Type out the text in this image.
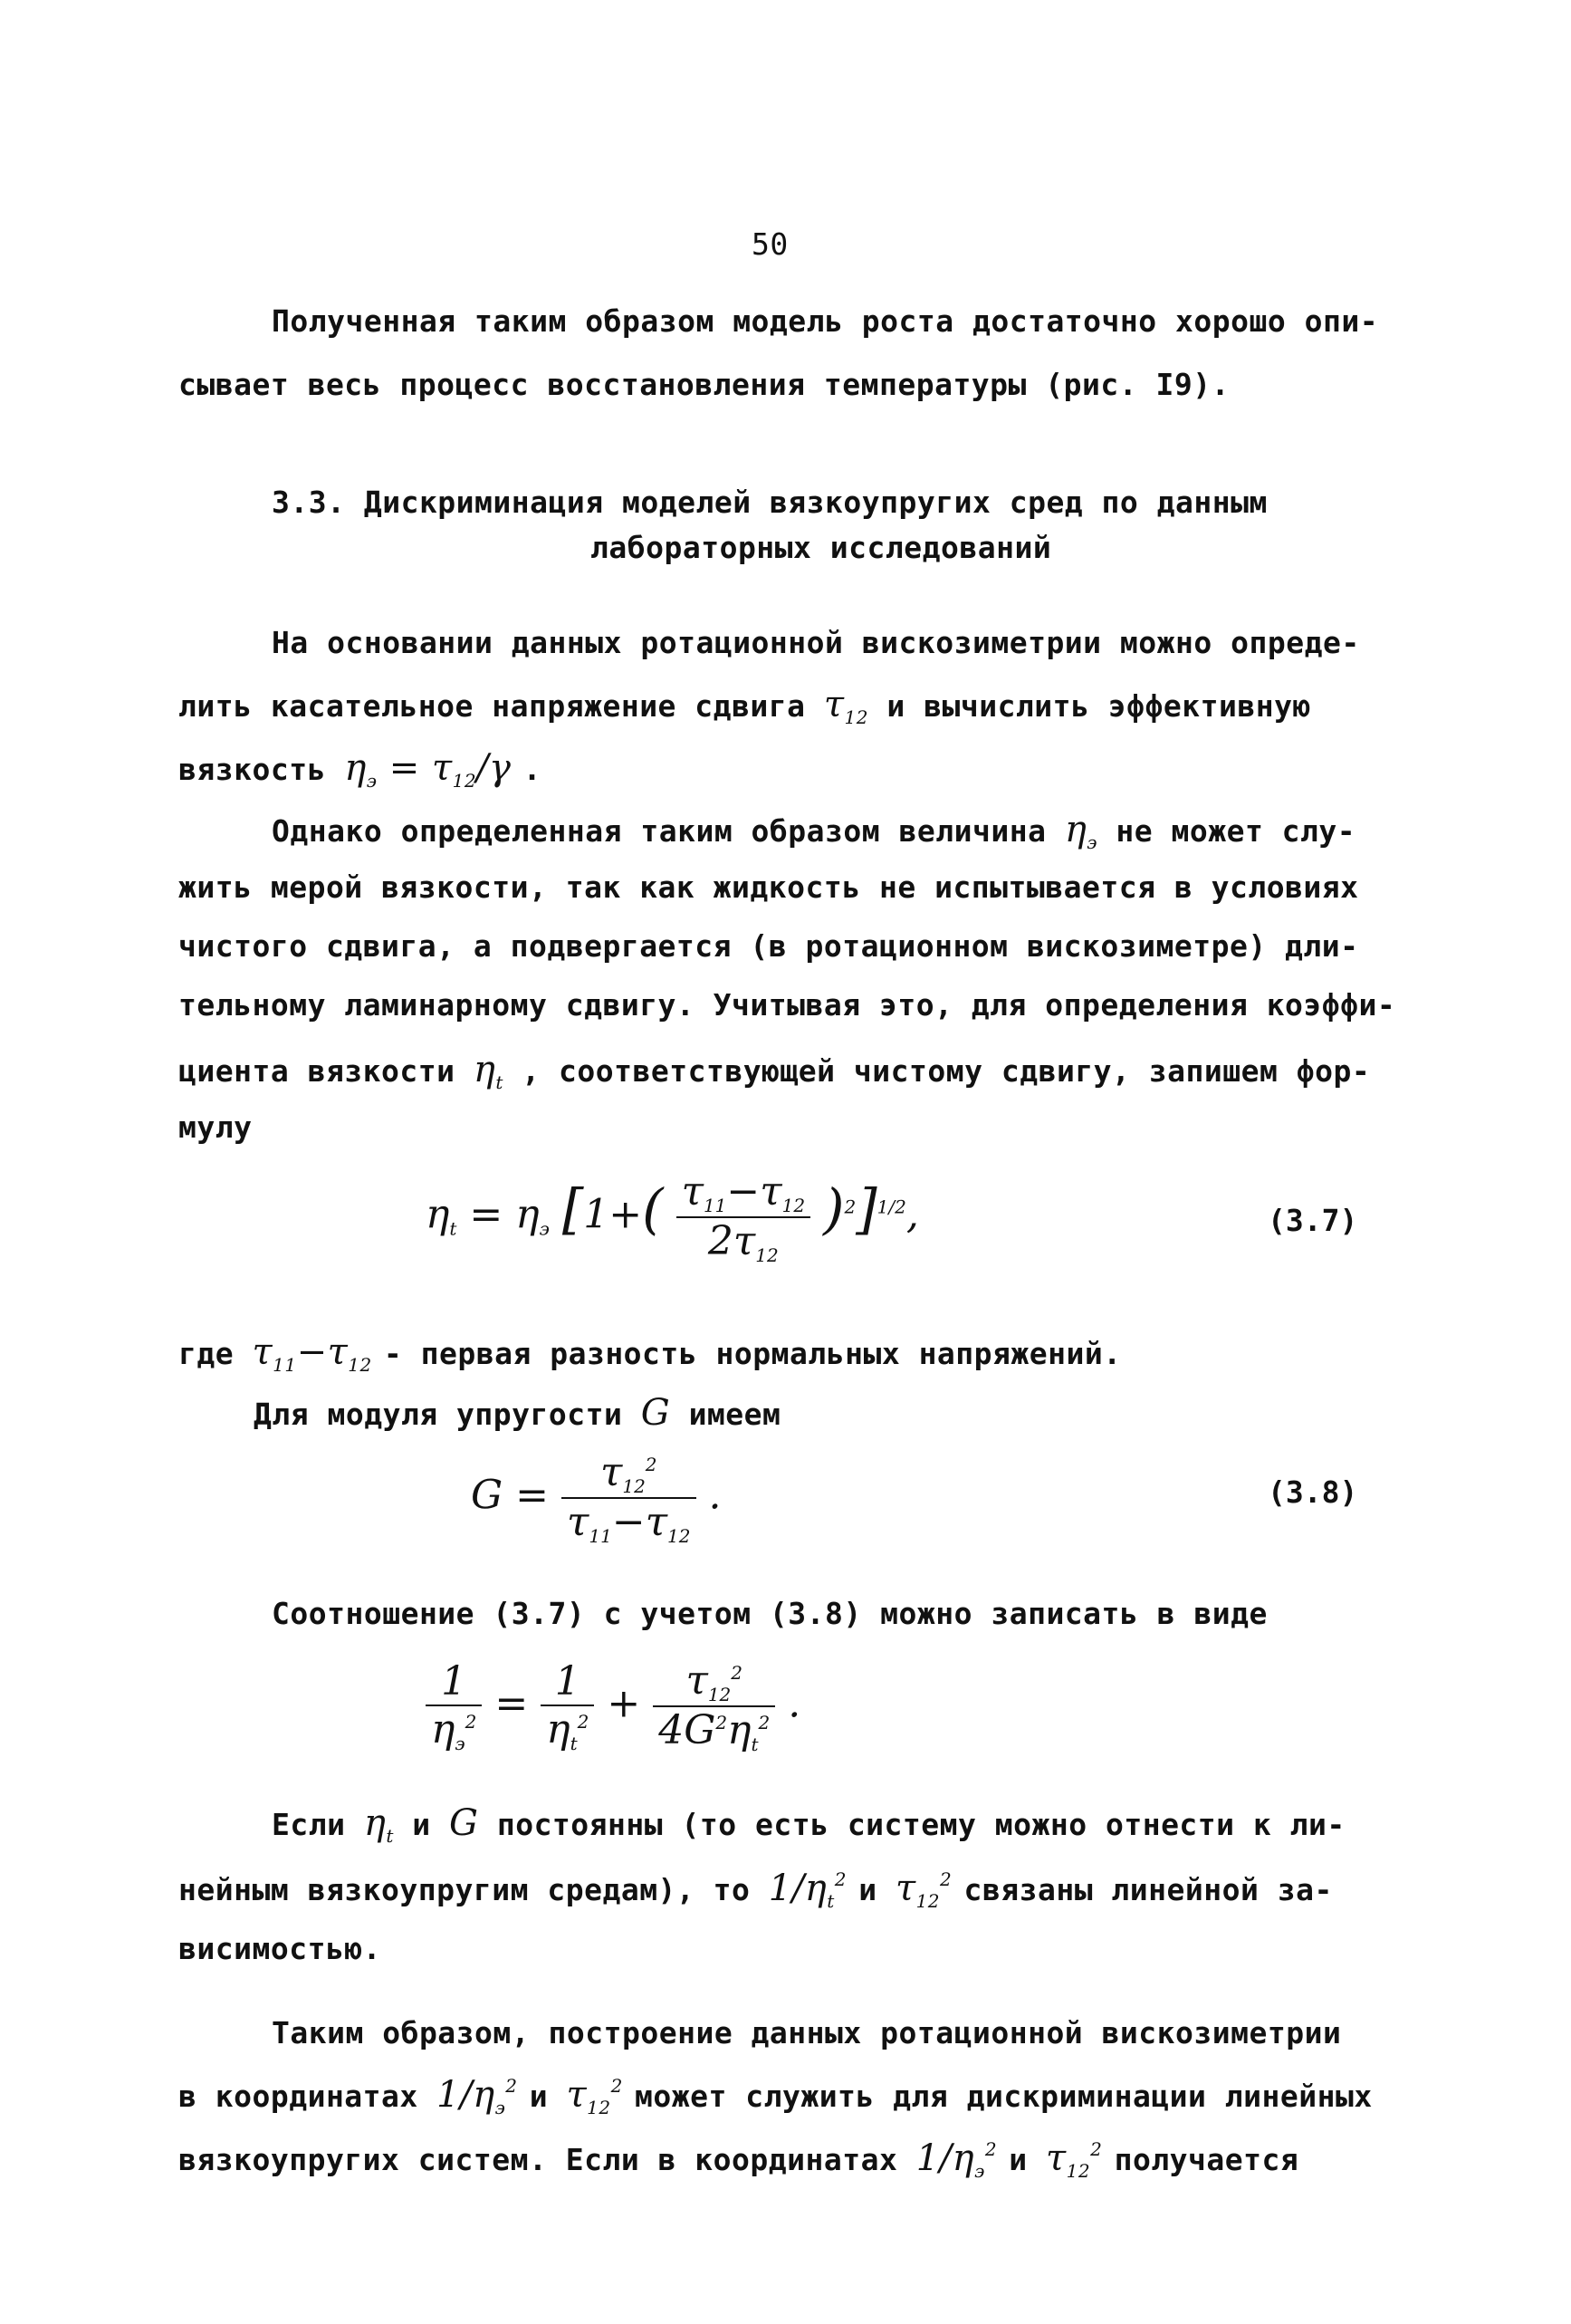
50
Полученная таким образом модель роста достаточно хорошо опи-
сывает весь процесс восстановления температуры (рис. I9).
3.3. Дискриминация моделей вязкоупругих сред по данным
лабораторных исследований
На основании данных ротационной вискозиметрии можно опреде-
лить касательное напряжение сдвига $\tau_{12}$ и вычислить эффективную
вязкость $\eta_э = \tau_{12}/\gamma$ .
Однако определенная таким образом величина $\eta_э$ не может слу-
жить мерой вязкости, так как жидкость не испытывается в условиях
чистого сдвига, а подвергается (в ротационном вискозиметре) дли-
тельному ламинарному сдвигу. Учитывая это, для определения коэффи-
циента вязкости $\eta_t$ , соответствующей чистому сдвигу, запишем фор-
мулу
$\eta_t = \eta_э$ $[1+( \frac{\tau_{11}-\tau_{12}}{2\tau_{12}} )^2]^{1/2}$,	(3.7)
где $\tau_{11}-\tau_{12}$ - первая разность нормальных напряжений.
Для модуля упругости G имеем
$G = \frac{\tau_{12}^2}{\tau_{11}-\tau_{12}}$ .	(3.8)
Соотношение (3.7) с учетом (3.8) можно записать в виде
$\frac{1}{\eta_э^2} = \frac{1}{\eta_t^2} + \frac{\tau_{12}^2}{4G^2\eta_t^2}$ .
Если $\eta_t$ и G постоянны (то есть систему можно отнести к ли-
нейным вязкоупругим средам), то $1/\eta_t^2$ и $\tau_{12}^2$ связаны линейной за-
висимостью.
Таким образом, построение данных ротационной вискозиметрии
в координатах $1/\eta_э^2$ и $\tau_{12}^2$ может служить для дискриминации линейных
вязкоупругих систем. Если в координатах $1/\eta_э^2$ и $\tau_{12}^2$ получается
